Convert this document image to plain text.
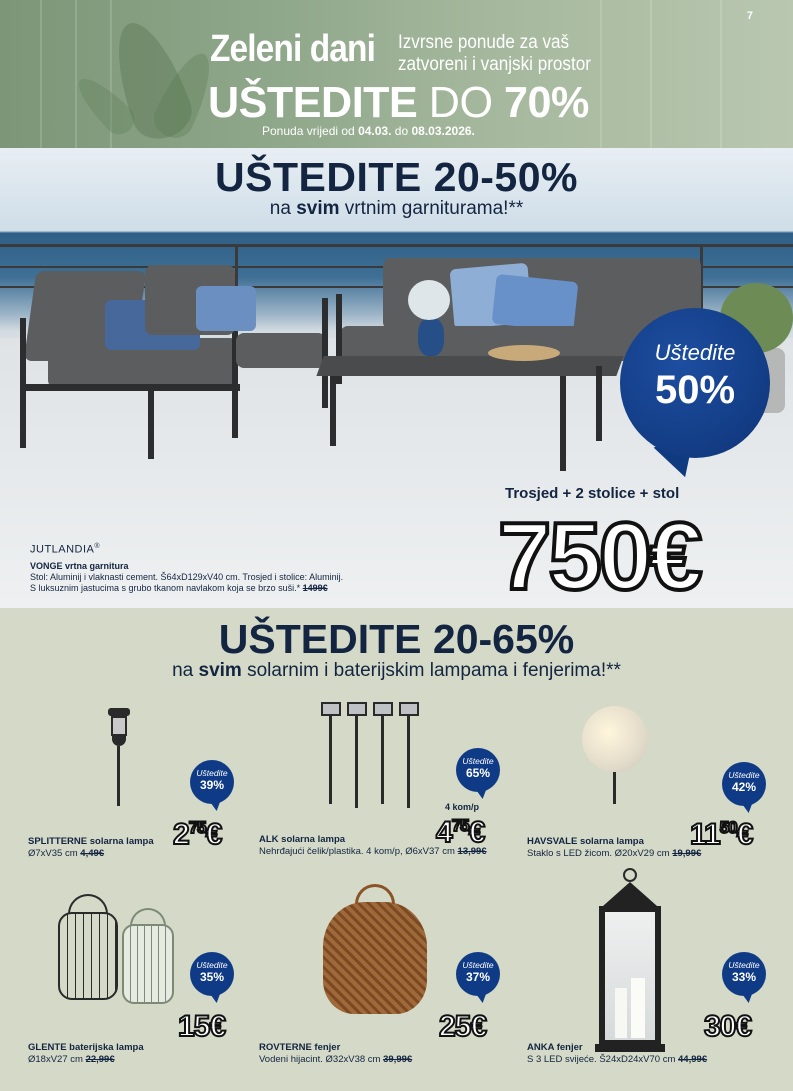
7
Zeleni dani Izvrsne ponude za vaš
zatvoreni i vanjski prostor
UŠTEDITE DO 70%
Ponuda vrijedi od 04.03. do 08.03.2026.
UŠTEDITE 20-50%
na svim vrtnim garniturama!**
Uštedite
50%
Trosjed + 2 stolice + stol
750€
JUTLANDIA®
VONGE vrtna garnitura
Stol: Aluminij i vlaknasti cement. Š64xD129xV40 cm. Trosjed i stolice: Aluminij.
S luksuznim jastucima s grubo tkanom navlakom koja se brzo suši.* 1499€
UŠTEDITE 20-65%
na svim solarnim i baterijskim lampama i fenjerima!**
Uštedite
39%
$2^{75}€$
SPLITTERNE solarna lampa
Ø7xV35 cm 4,49€
Uštedite
65%
4 kom/p
$4^{75}€$
ALK solarna lampa
Nehrđajući čelik/plastika. 4 kom/p, Ø6xV37 cm 13,99€
Uštedite
42%
$11^{50}€$
HAVSVALE solarna lampa
Staklo s LED žicom. Ø20xV29 cm 19,99€
Uštedite
35%
15€
GLENTE baterijska lampa
Ø18xV27 cm 22,99€
Uštedite
37%
25€
ROVTERNE fenjer
Vodeni hijacint. Ø32xV38 cm 39,99€
Uštedite
33%
30€
ANKA fenjer
S 3 LED svijeće. Š24xD24xV70 cm 44,99€
